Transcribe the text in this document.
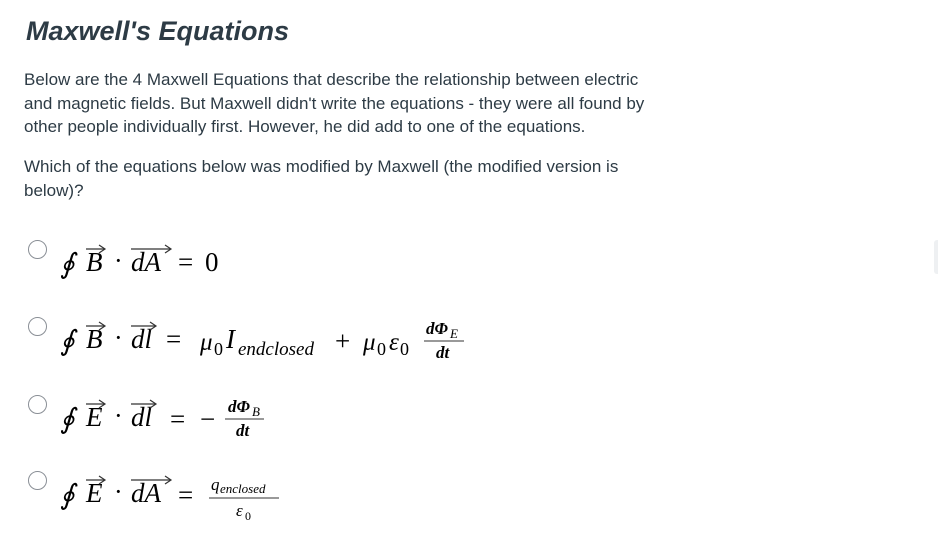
Maxwell's Equations
Below are the 4 Maxwell Equations that describe the relationship between electric
and magnetic fields. But Maxwell didn't write the equations - they were all found by
other people individually first. However, he did add to one of the equations.
Which of the equations below was modified by Maxwell (the modified version is
below)?
∮ B · dA = 0
∮ B · dl = μ 0 I endclosed + μ 0 ε 0
dΦ E
dt
∮ E · dl = − dΦ B
dt
∮ E · dA = q enclosed
ε 0
